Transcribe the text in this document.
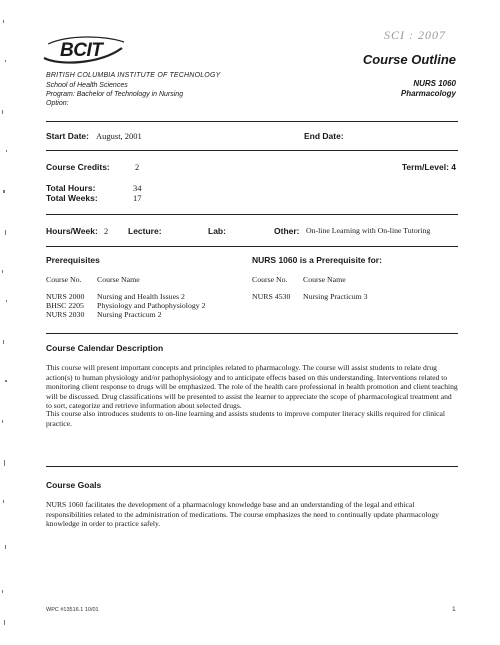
SCI : 2007
BCIT
BRITISH COLUMBIA INSTITUTE OF TECHNOLOGY
School of Health Sciences
Program: Bachelor of Technology in Nursing
Option:
Course Outline
NURS 1060
Pharmacology
Start Date: August, 2001	End Date:
Course Credits:	2	Term/Level: 4
Total Hours:	34
Total Weeks:	17
Hours/Week: 2 Lecture:	Lab:	Other: On-line Learning with On-line Tutoring
Prerequisites
Course No. Course Name
NURS 2000 Nursing and Health Issues 2
BHSC 2205 Physiology and Pathophysiology 2
NURS 2030 Nursing Practicum 2
NURS 1060 is a Prerequisite for:
Course No. Course Name
NURS 4530 Nursing Practicum 3
Course Calendar Description
This course will present important concepts and principles related to pharmacology. The course will assist students to relate drug action(s) to human physiology and/or pathophysiology and to anticipate effects based on this understanding. Interventions related to monitoring client response to drugs will be emphasized. The role of the health care professional in health promotion and client teaching will be discussed. Drug classifications will be presented to assist the learner to appreciate the scope of pharmacological treatment and to sort, categorize and retrieve information about selected drugs.
This course also introduces students to on-line learning and assists students to improve computer literacy skills required for clinical practice.
Course Goals
NURS 1060 facilitates the development of a pharmacology knowledge base and an understanding of the legal and ethical responsibilities related to the administration of medications. The course emphasizes the need to continually update pharmacology knowledge in order to practice safely.
WPC #13516.1 10/01	1
